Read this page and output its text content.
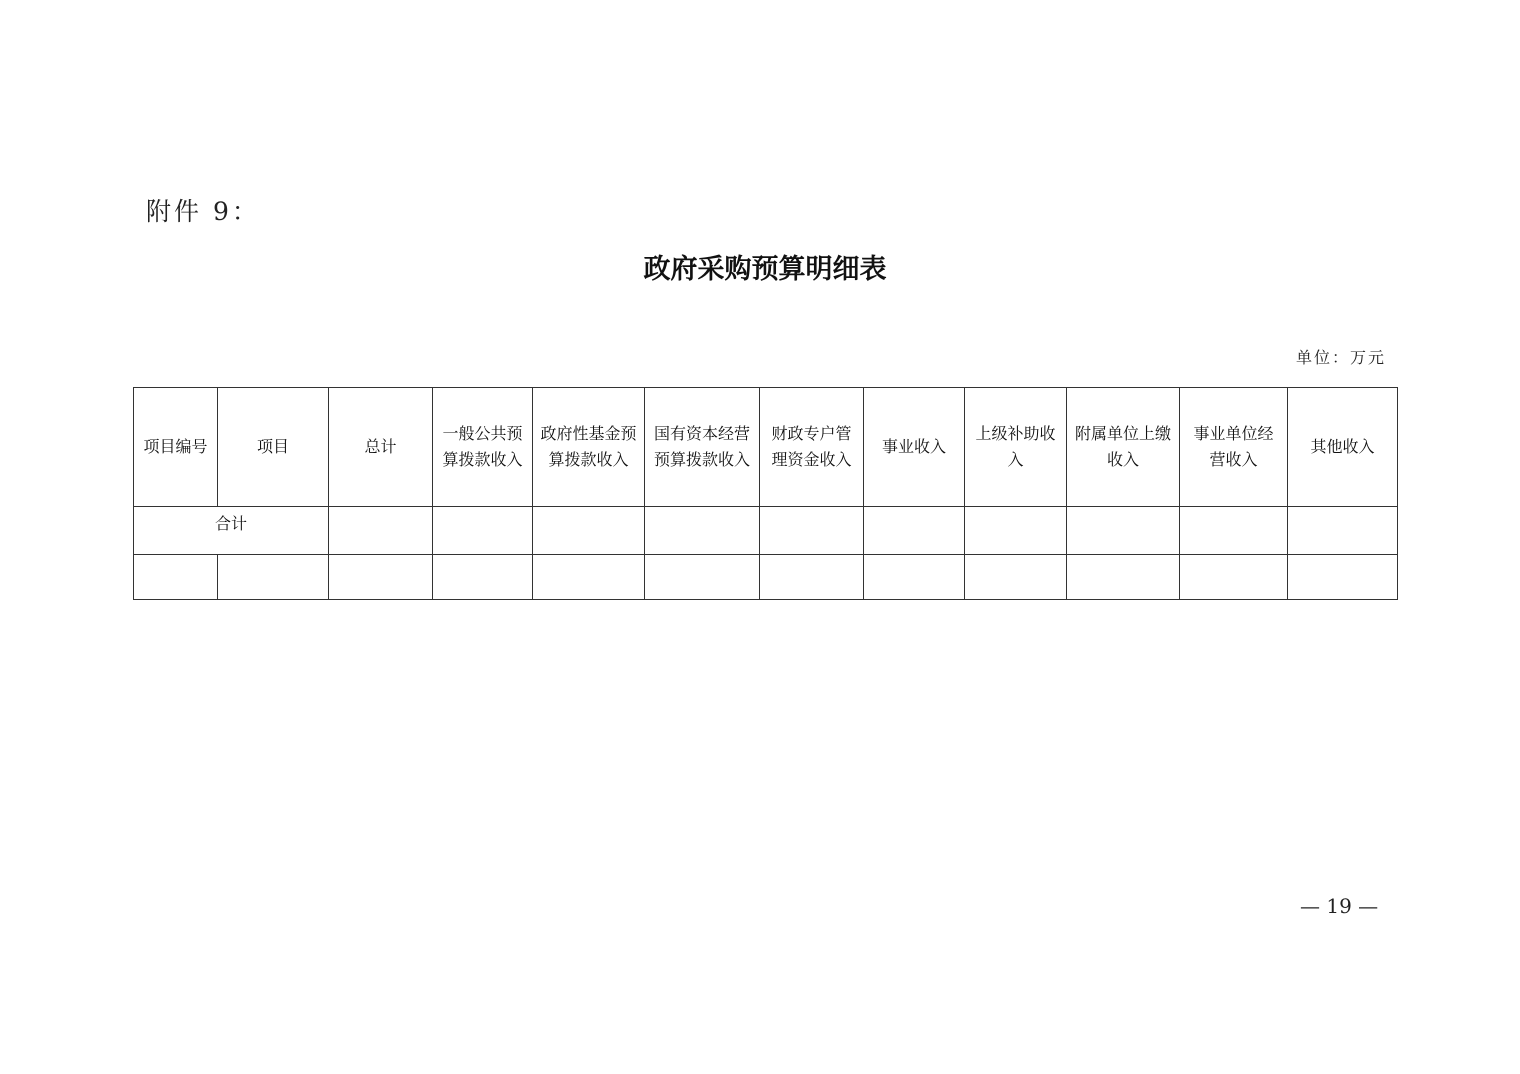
附件 9：
政府采购预算明细表
单位：万元
项目编号	项目	总计	一般公共预算拨款收入	政府性基金预算拨款收入	国有资本经营预算拨款收入	财政专户管理资金收入	事业收入	上级补助收入	附属单位上缴收入	事业单位经营收入	其他收入
合计											

— 19 —
